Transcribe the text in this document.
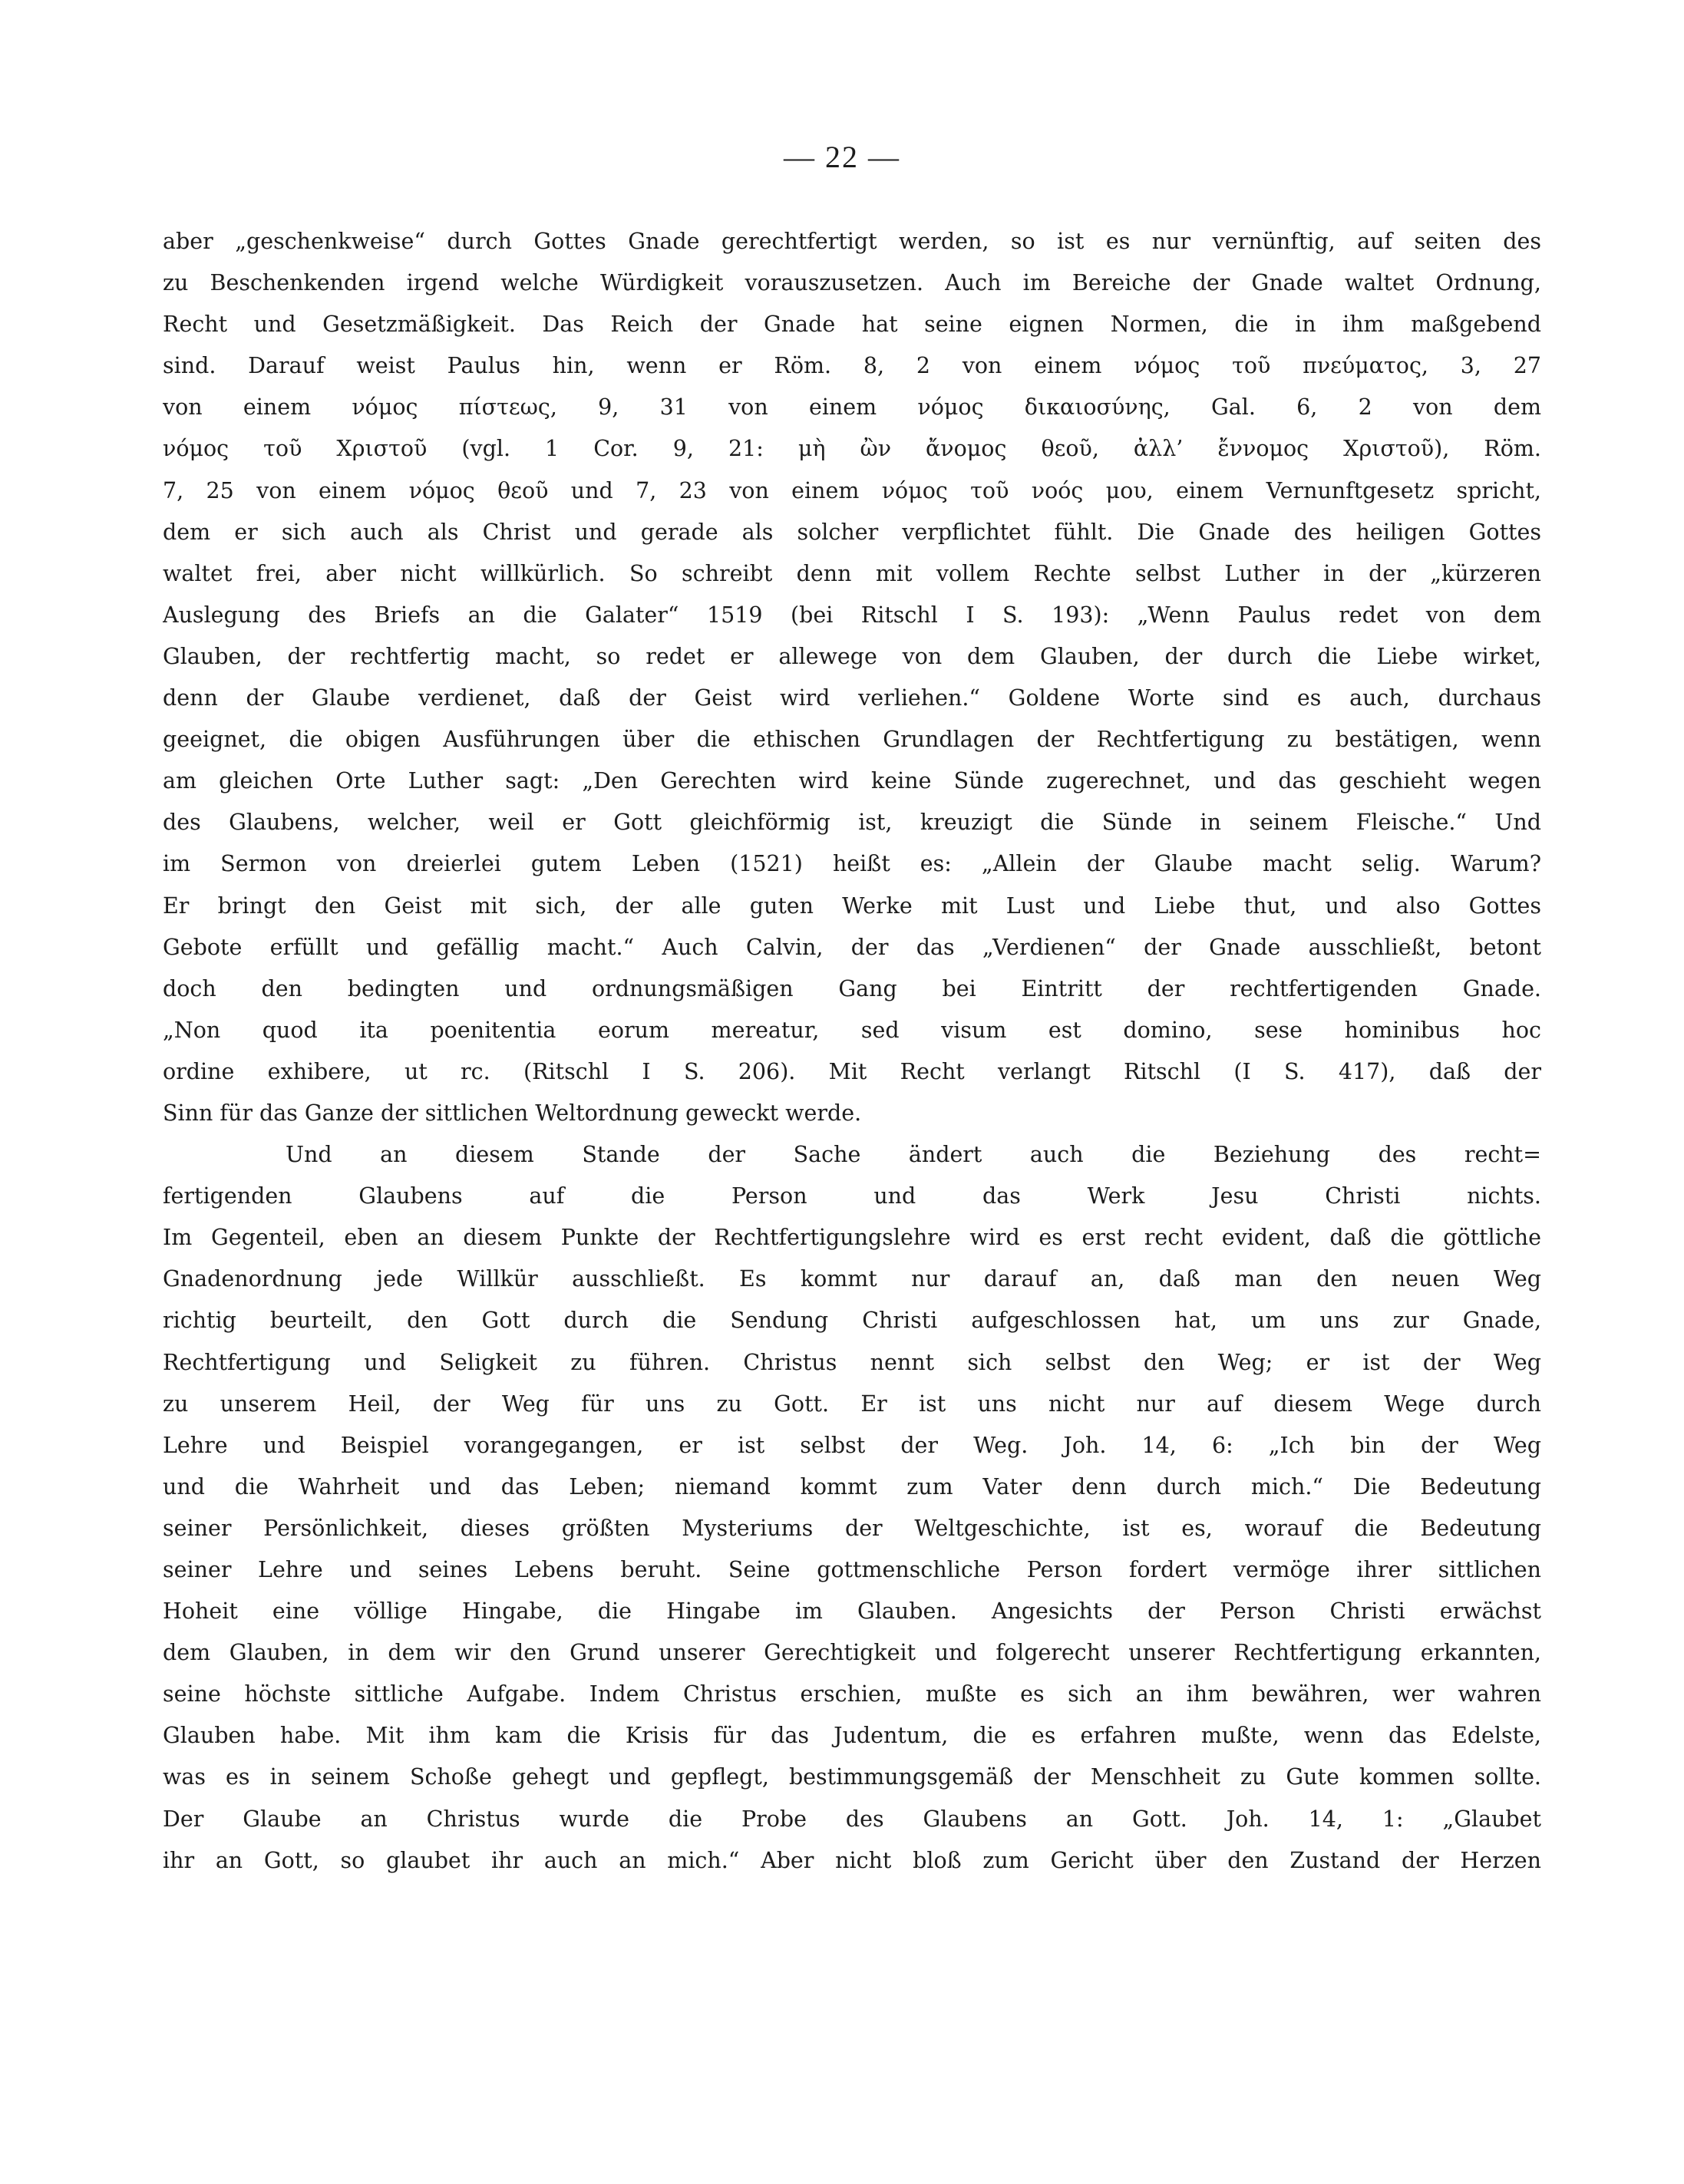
— 22 —
aber „geschenkweise“ durch Gottes Gnade gerechtfertigt werden, so ist es nur vernünftig, auf seiten des
zu Beschenkenden irgend welche Würdigkeit vorauszusetzen. Auch im Bereiche der Gnade waltet Ordnung,
Recht und Gesetzmäßigkeit. Das Reich der Gnade hat seine eignen Normen, die in ihm maßgebend
sind. Darauf weist Paulus hin, wenn er Röm. 8, 2 von einem νόμος τοῦ πνεύματος, 3, 27
von einem νόμος πίστεως, 9, 31 von einem νόμος δικαιοσύνης, Gal. 6, 2 von dem
νόμος τοῦ Χριστοῦ (vgl. 1 Cor. 9, 21: μὴ ὢν ἄνομος θεοῦ, ἀλλ’ ἔννομος Χριστοῦ), Röm.
7, 25 von einem νόμος θεοῦ und 7, 23 von einem νόμος τοῦ νοός μου, einem Vernunftgesetz spricht,
dem er sich auch als Christ und gerade als solcher verpflichtet fühlt. Die Gnade des heiligen Gottes
waltet frei, aber nicht willkürlich. So schreibt denn mit vollem Rechte selbst Luther in der „kürzeren
Auslegung des Briefs an die Galater“ 1519 (bei Ritschl I S. 193): „Wenn Paulus redet von dem
Glauben, der rechtfertig macht, so redet er allewege von dem Glauben, der durch die Liebe wirket,
denn der Glaube verdienet, daß der Geist wird verliehen.“ Goldene Worte sind es auch, durchaus
geeignet, die obigen Ausführungen über die ethischen Grundlagen der Rechtfertigung zu bestätigen, wenn
am gleichen Orte Luther sagt: „Den Gerechten wird keine Sünde zugerechnet, und das geschieht wegen
des Glaubens, welcher, weil er Gott gleichförmig ist, kreuzigt die Sünde in seinem Fleische.“ Und
im Sermon von dreierlei gutem Leben (1521) heißt es: „Allein der Glaube macht selig. Warum?
Er bringt den Geist mit sich, der alle guten Werke mit Lust und Liebe thut, und also Gottes
Gebote erfüllt und gefällig macht.“ Auch Calvin, der das „Verdienen“ der Gnade ausschließt, betont
doch den bedingten und ordnungsmäßigen Gang bei Eintritt der rechtfertigenden Gnade.
„Non quod ita poenitentia eorum mereatur, sed visum est domino, sese hominibus hoc
ordine exhibere, ut rc. (Ritschl I S. 206). Mit Recht verlangt Ritschl (I S. 417), daß der
Sinn für das Ganze der sittlichen Weltordnung geweckt werde.
Und an diesem Stande der Sache ändert auch die Beziehung des recht=
fertigenden Glaubens auf die Person und das Werk Jesu Christi nichts.
Im Gegenteil, eben an diesem Punkte der Rechtfertigungslehre wird es erst recht evident, daß die göttliche
Gnadenordnung jede Willkür ausschließt. Es kommt nur darauf an, daß man den neuen Weg
richtig beurteilt, den Gott durch die Sendung Christi aufgeschlossen hat, um uns zur Gnade,
Rechtfertigung und Seligkeit zu führen. Christus nennt sich selbst den Weg; er ist der Weg
zu unserem Heil, der Weg für uns zu Gott. Er ist uns nicht nur auf diesem Wege durch
Lehre und Beispiel vorangegangen, er ist selbst der Weg. Joh. 14, 6: „Ich bin der Weg
und die Wahrheit und das Leben; niemand kommt zum Vater denn durch mich.“ Die Bedeutung
seiner Persönlichkeit, dieses größten Mysteriums der Weltgeschichte, ist es, worauf die Bedeutung
seiner Lehre und seines Lebens beruht. Seine gottmenschliche Person fordert vermöge ihrer sittlichen
Hoheit eine völlige Hingabe, die Hingabe im Glauben. Angesichts der Person Christi erwächst
dem Glauben, in dem wir den Grund unserer Gerechtigkeit und folgerecht unserer Rechtfertigung erkannten,
seine höchste sittliche Aufgabe. Indem Christus erschien, mußte es sich an ihm bewähren, wer wahren
Glauben habe. Mit ihm kam die Krisis für das Judentum, die es erfahren mußte, wenn das Edelste,
was es in seinem Schoße gehegt und gepflegt, bestimmungsgemäß der Menschheit zu Gute kommen sollte.
Der Glaube an Christus wurde die Probe des Glaubens an Gott. Joh. 14, 1: „Glaubet
ihr an Gott, so glaubet ihr auch an mich.“ Aber nicht bloß zum Gericht über den Zustand der Herzen
